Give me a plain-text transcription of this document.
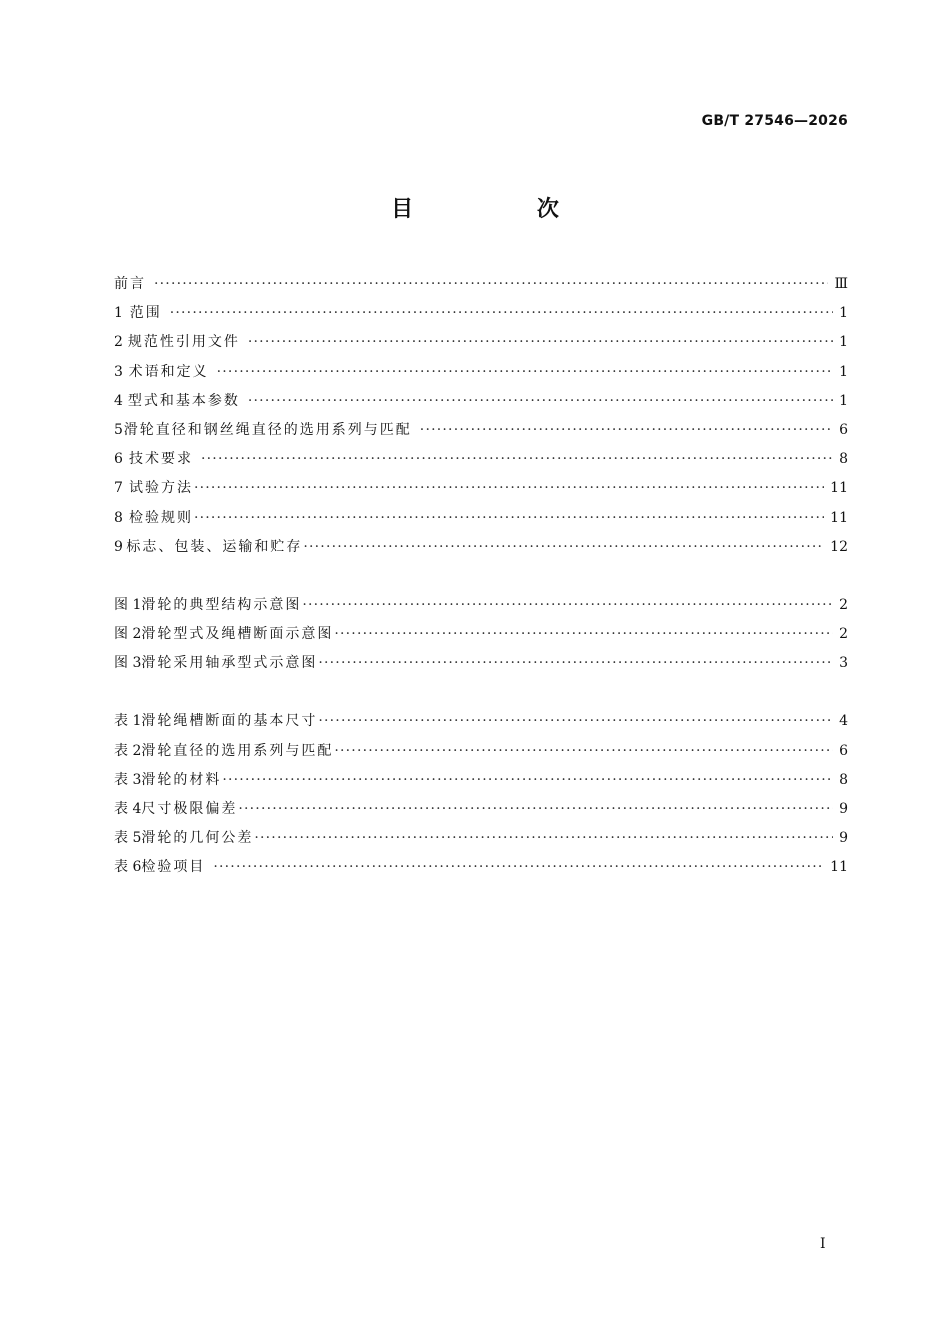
GB/T 27546—2026
目 次
前言 ·····	Ⅲ
1 范围 ·····	1
2 规范性引用文件 ·····	1
3 术语和定义 ·····	1
4 型式和基本参数 ·····	1
5 滑轮直径和钢丝绳直径的选用系列与匹配 ·····	6
6 技术要求 ·····	8
7 试验方法 ·····	11
8 检验规则 ·····	11
9 标志、包装、运输和贮存 ·····	12
图 1 滑轮的典型结构示意图 ·····	2
图 2 滑轮型式及绳槽断面示意图 ·····	2
图 3 滑轮采用轴承型式示意图 ·····	3
表 1 滑轮绳槽断面的基本尺寸 ·····	4
表 2 滑轮直径的选用系列与匹配 ·····	6
表 3 滑轮的材料 ·····	8
表 4 尺寸极限偏差 ·····	9
表 5 滑轮的几何公差 ·····	9
表 6 检验项目 ·····	11
I
